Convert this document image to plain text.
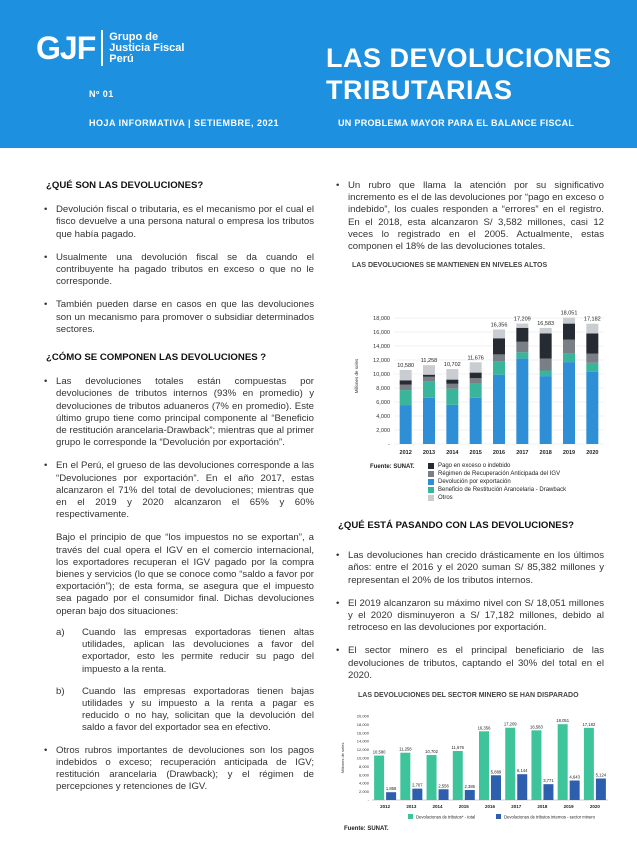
GJF	Grupo de
Justicia Fiscal
Perú
Nº 01
HOJA INFORMATIVA | SETIEMBRE, 2021
LAS DEVOLUCIONES
TRIBUTARIAS
UN PROBLEMA MAYOR PARA EL BALANCE FISCAL
¿QUÉ SON LAS DEVOLUCIONES?
• Devolución fiscal o tributaria, es el mecanismo por el cual el fisco devuelve a una persona natural o empresa los tributos que había pagado.
• Usualmente una devolución fiscal se da cuando el contribuyente ha pagado tributos en exceso o que no le corresponde.
• También pueden darse en casos en que las devoluciones son un mecanismo para promover o subsidiar determinados sectores.
¿CÓMO SE COMPONEN LAS DEVOLUCIONES ?
• Las devoluciones totales están compuestas por devoluciones de tributos internos (93% en promedio) y devoluciones de tributos aduaneros (7% en promedio). Este último grupo tiene como principal componente al “Beneficio de restitución arancelaria-Drawback”; mientras que al primer grupo le corresponde la “Devolución por exportación”.
• En el Perú, el grueso de las devoluciones corresponde a las “Devoluciones por exportación”. En el año 2017, estas alcanzaron el 71% del total de devoluciones; mientras que en el 2019 y 2020 alcanzaron el 65% y 60% respectivamente.

Bajo el principio de que “los impuestos no se exportan”, a través del cual opera el IGV en el comercio internacional, los exportadores recuperan el IGV pagado por la compra bienes y servicios (lo que se conoce como “saldo a favor por exportación”); de esta forma, se asegura que el impuesto sea pagado por el consumidor final. Dichas devoluciones operan bajo dos situaciones:

a)	Cuando las empresas exportadoras tienen altas utilidades, aplican las devoluciones a favor del exportador, esto les permite reducir su pago del impuesto a la renta.
b)	Cuando las empresas exportadoras tienen bajas utilidades y su impuesto a la renta a pagar es reducido o no hay, solicitan que la devolución del saldo a favor del exportador sea en efectivo.
• Otros rubros importantes de devoluciones son los pagos indebidos o exceso; recuperación anticipada de IGV; restitución arancelaria (Drawback); y el régimen de percepciones y retenciones de IGV.
• Un rubro que llama la atención por su significativo incremento es el de las devoluciones por “pago en exceso o indebido”, los cuales responden a “errores” en el registro. En el 2018, esta alcanzaron S/ 3,582 millones, casi 12 veces lo registrado en el 2005. Actualmente, estas componen el 18% de las devoluciones totales.
LAS DEVOLUCIONES SE MANTIENEN EN NIVELES ALTOS
Millones de soles
-
2,000
4,000
6,000
8,000
10,000
12,000
14,000
16,000
18,000
10,580
2012
11,258
2013
10,702
2014
11,676
2015
16,356
2016
17,209
2017
16,583
2018
18,051
2019
17,182
2020
Pago en exceso o indebido
Régimen de Recuperación Anticipada del IGV
Devolución por exportación
Beneficio de Restitución Arancelaria - Drawback
Otros
Fuente: SUNAT.
¿QUÉ ESTÁ PASANDO CON LAS DEVOLUCIONES?
• Las devoluciones han crecido drásticamente en los últimos años: entre el 2016 y el 2020 suman S/ 85,382 millones y representan el 20% de los tributos internos.
• El 2019 alcanzaron su máximo nivel con S/ 18,051 millones y el 2020 disminuyeron a S/ 17,182 millones, debido al retroceso en las devoluciones por exportación.
• El sector minero es el principal beneficiario de las devoluciones de tributos, captando el 30% del total en el 2020.
LAS DEVOLUCIONES DEL SECTOR MINERO SE HAN DISPARADO
Millones de soles
-
2,000
4,000
6,000
8,000
10,000
12,000
14,000
16,000
18,000
20,000
10,580
1,858
2012
11,258
2,707
2013
10,702
2,556
2014
11,676
2,385
2015
16,356
5,889
2016
17,209
6,144
2017
16,583
3,771
2018
18,051
4,643
2019
17,182
5,124
2020
Devoluciones de tributos* - total	Devoluciones de tributos internos - sector minero
Fuente: SUNAT.
